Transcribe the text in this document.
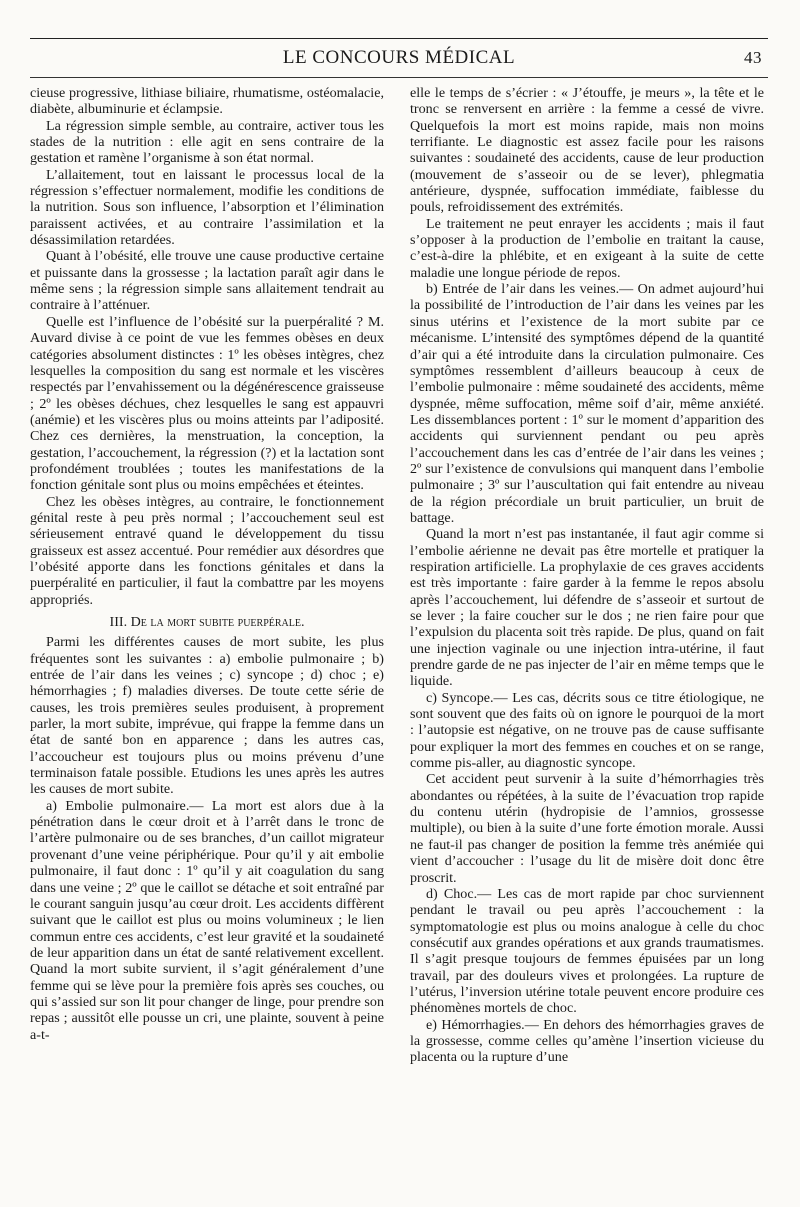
LE CONCOURS MÉDICAL	43

cieuse progressive, lithiase biliaire, rhumatisme, ostéomalacie, diabète, albuminurie et éclampsie.

La régression simple semble, au contraire, activer tous les stades de la nutrition : elle agit en sens contraire de la gestation et ramène l’organisme à son état normal.

L’allaitement, tout en laissant le processus local de la régression s’effectuer normalement, modifie les conditions de la nutrition. Sous son influence, l’absorption et l’élimination paraissent activées, et au contraire l’assimilation et la désassimilation retardées.

Quant à l’obésité, elle trouve une cause productive certaine et puissante dans la grossesse ; la lactation paraît agir dans le même sens ; la régression simple sans allaitement tendrait au contraire à l’atténuer.

Quelle est l’influence de l’obésité sur la puerpéralité ? M. Auvard divise à ce point de vue les femmes obèses en deux catégories absolument distinctes : 1º les obèses intègres, chez lesquelles la composition du sang est normale et les viscères respectés par l’envahissement ou la dégénérescence graisseuse ; 2º les obèses déchues, chez lesquelles le sang est appauvri (anémie) et les viscères plus ou moins atteints par l’adiposité. Chez ces dernières, la menstruation, la conception, la gestation, l’accouchement, la régression (?) et la lactation sont profondément troublées ; toutes les manifestations de la fonction génitale sont plus ou moins empêchées et éteintes.

Chez les obèses intègres, au contraire, le fonctionnement génital reste à peu près normal ; l’accouchement seul est sérieusement entravé quand le développement du tissu graisseux est assez accentué. Pour remédier aux désordres que l’obésité apporte dans les fonctions génitales et dans la puerpéralité en particulier, il faut la combattre par les moyens appropriés.

III. De la mort subite puerpérale.

Parmi les différentes causes de mort subite, les plus fréquentes sont les suivantes : a) embolie pulmonaire ; b) entrée de l’air dans les veines ; c) syncope ; d) choc ; e) hémorrhagies ; f) maladies diverses. De toute cette série de causes, les trois premières seules produisent, à proprement parler, la mort subite, imprévue, qui frappe la femme dans un état de santé bon en apparence ; dans les autres cas, l’accoucheur est toujours plus ou moins prévenu d’une terminaison fatale possible. Etudions les unes après les autres les causes de mort subite.

a) Embolie pulmonaire.— La mort est alors due à la pénétration dans le cœur droit et à l’arrêt dans le tronc de l’artère pulmonaire ou de ses branches, d’un caillot migrateur provenant d’une veine périphérique. Pour qu’il y ait embolie pulmonaire, il faut donc : 1º qu’il y ait coagulation du sang dans une veine ; 2º que le caillot se détache et soit entraîné par le courant sanguin jusqu’au cœur droit. Les accidents diffèrent suivant que le caillot est plus ou moins volumineux ; le lien commun entre ces accidents, c’est leur gravité et la soudaineté de leur apparition dans un état de santé relativement excellent. Quand la mort subite survient, il s’agit généralement d’une femme qui se lève pour la première fois après ses couches, ou qui s’assied sur son lit pour changer de linge, pour prendre son repas ; aussitôt elle pousse un cri, une plainte, souvent à peine a-t-

elle le temps de s’écrier : « J’étouffe, je meurs », la tête et le tronc se renversent en arrière : la femme a cessé de vivre. Quelquefois la mort est moins rapide, mais non moins terrifiante. Le diagnostic est assez facile pour les raisons suivantes : soudaineté des accidents, cause de leur production (mouvement de s’asseoir ou de se lever), phlegmatia antérieure, dyspnée, suffocation immédiate, faiblesse du pouls, refroidissement des extrémités.

Le traitement ne peut enrayer les accidents ; mais il faut s’opposer à la production de l’embolie en traitant la cause, c’est-à-dire la phlébite, et en exigeant à la suite de cette maladie une longue période de repos.

b) Entrée de l’air dans les veines.— On admet aujourd’hui la possibilité de l’introduction de l’air dans les veines par les sinus utérins et l’existence de la mort subite par ce mécanisme. L’intensité des symptômes dépend de la quantité d’air qui a été introduite dans la circulation pulmonaire. Ces symptômes ressemblent d’ailleurs beaucoup à ceux de l’embolie pulmonaire : même soudaineté des accidents, même dyspnée, même suffocation, même soif d’air, même anxiété. Les dissemblances portent : 1º sur le moment d’apparition des accidents qui surviennent pendant ou peu après l’accouchement dans les cas d’entrée de l’air dans les veines ; 2º sur l’existence de convulsions qui manquent dans l’embolie pulmonaire ; 3º sur l’auscultation qui fait entendre au niveau de la région précordiale un bruit particulier, un bruit de battage.

Quand la mort n’est pas instantanée, il faut agir comme si l’embolie aérienne ne devait pas être mortelle et pratiquer la respiration artificielle. La prophylaxie de ces graves accidents est très importante : faire garder à la femme le repos absolu après l’accouchement, lui défendre de s’asseoir et surtout de se lever ; la faire coucher sur le dos ; ne rien faire pour que l’expulsion du placenta soit très rapide. De plus, quand on fait une injection vaginale ou une injection intra-utérine, il faut prendre garde de ne pas injecter de l’air en même temps que le liquide.

c) Syncope.— Les cas, décrits sous ce titre étiologique, ne sont souvent que des faits où on ignore le pourquoi de la mort : l’autopsie est négative, on ne trouve pas de cause suffisante pour expliquer la mort des femmes en couches et on se range, comme pis-aller, au diagnostic syncope.

Cet accident peut survenir à la suite d’hémorrhagies très abondantes ou répétées, à la suite de l’évacuation trop rapide du contenu utérin (hydropisie de l’amnios, grossesse multiple), ou bien à la suite d’une forte émotion morale. Aussi ne faut-il pas changer de position la femme très anémiée qui vient d’accoucher : l’usage du lit de misère doit donc être proscrit.

d) Choc.— Les cas de mort rapide par choc surviennent pendant le travail ou peu après l’accouchement : la symptomatologie est plus ou moins analogue à celle du choc consécutif aux grandes opérations et aux grands traumatismes. Il s’agit presque toujours de femmes épuisées par un long travail, par des douleurs vives et prolongées. La rupture de l’utérus, l’inversion utérine totale peuvent encore produire ces phénomènes mortels de choc.

e) Hémorrhagies.— En dehors des hémorrhagies graves de la grossesse, comme celles qu’amène l’insertion vicieuse du placenta ou la rupture d’une
